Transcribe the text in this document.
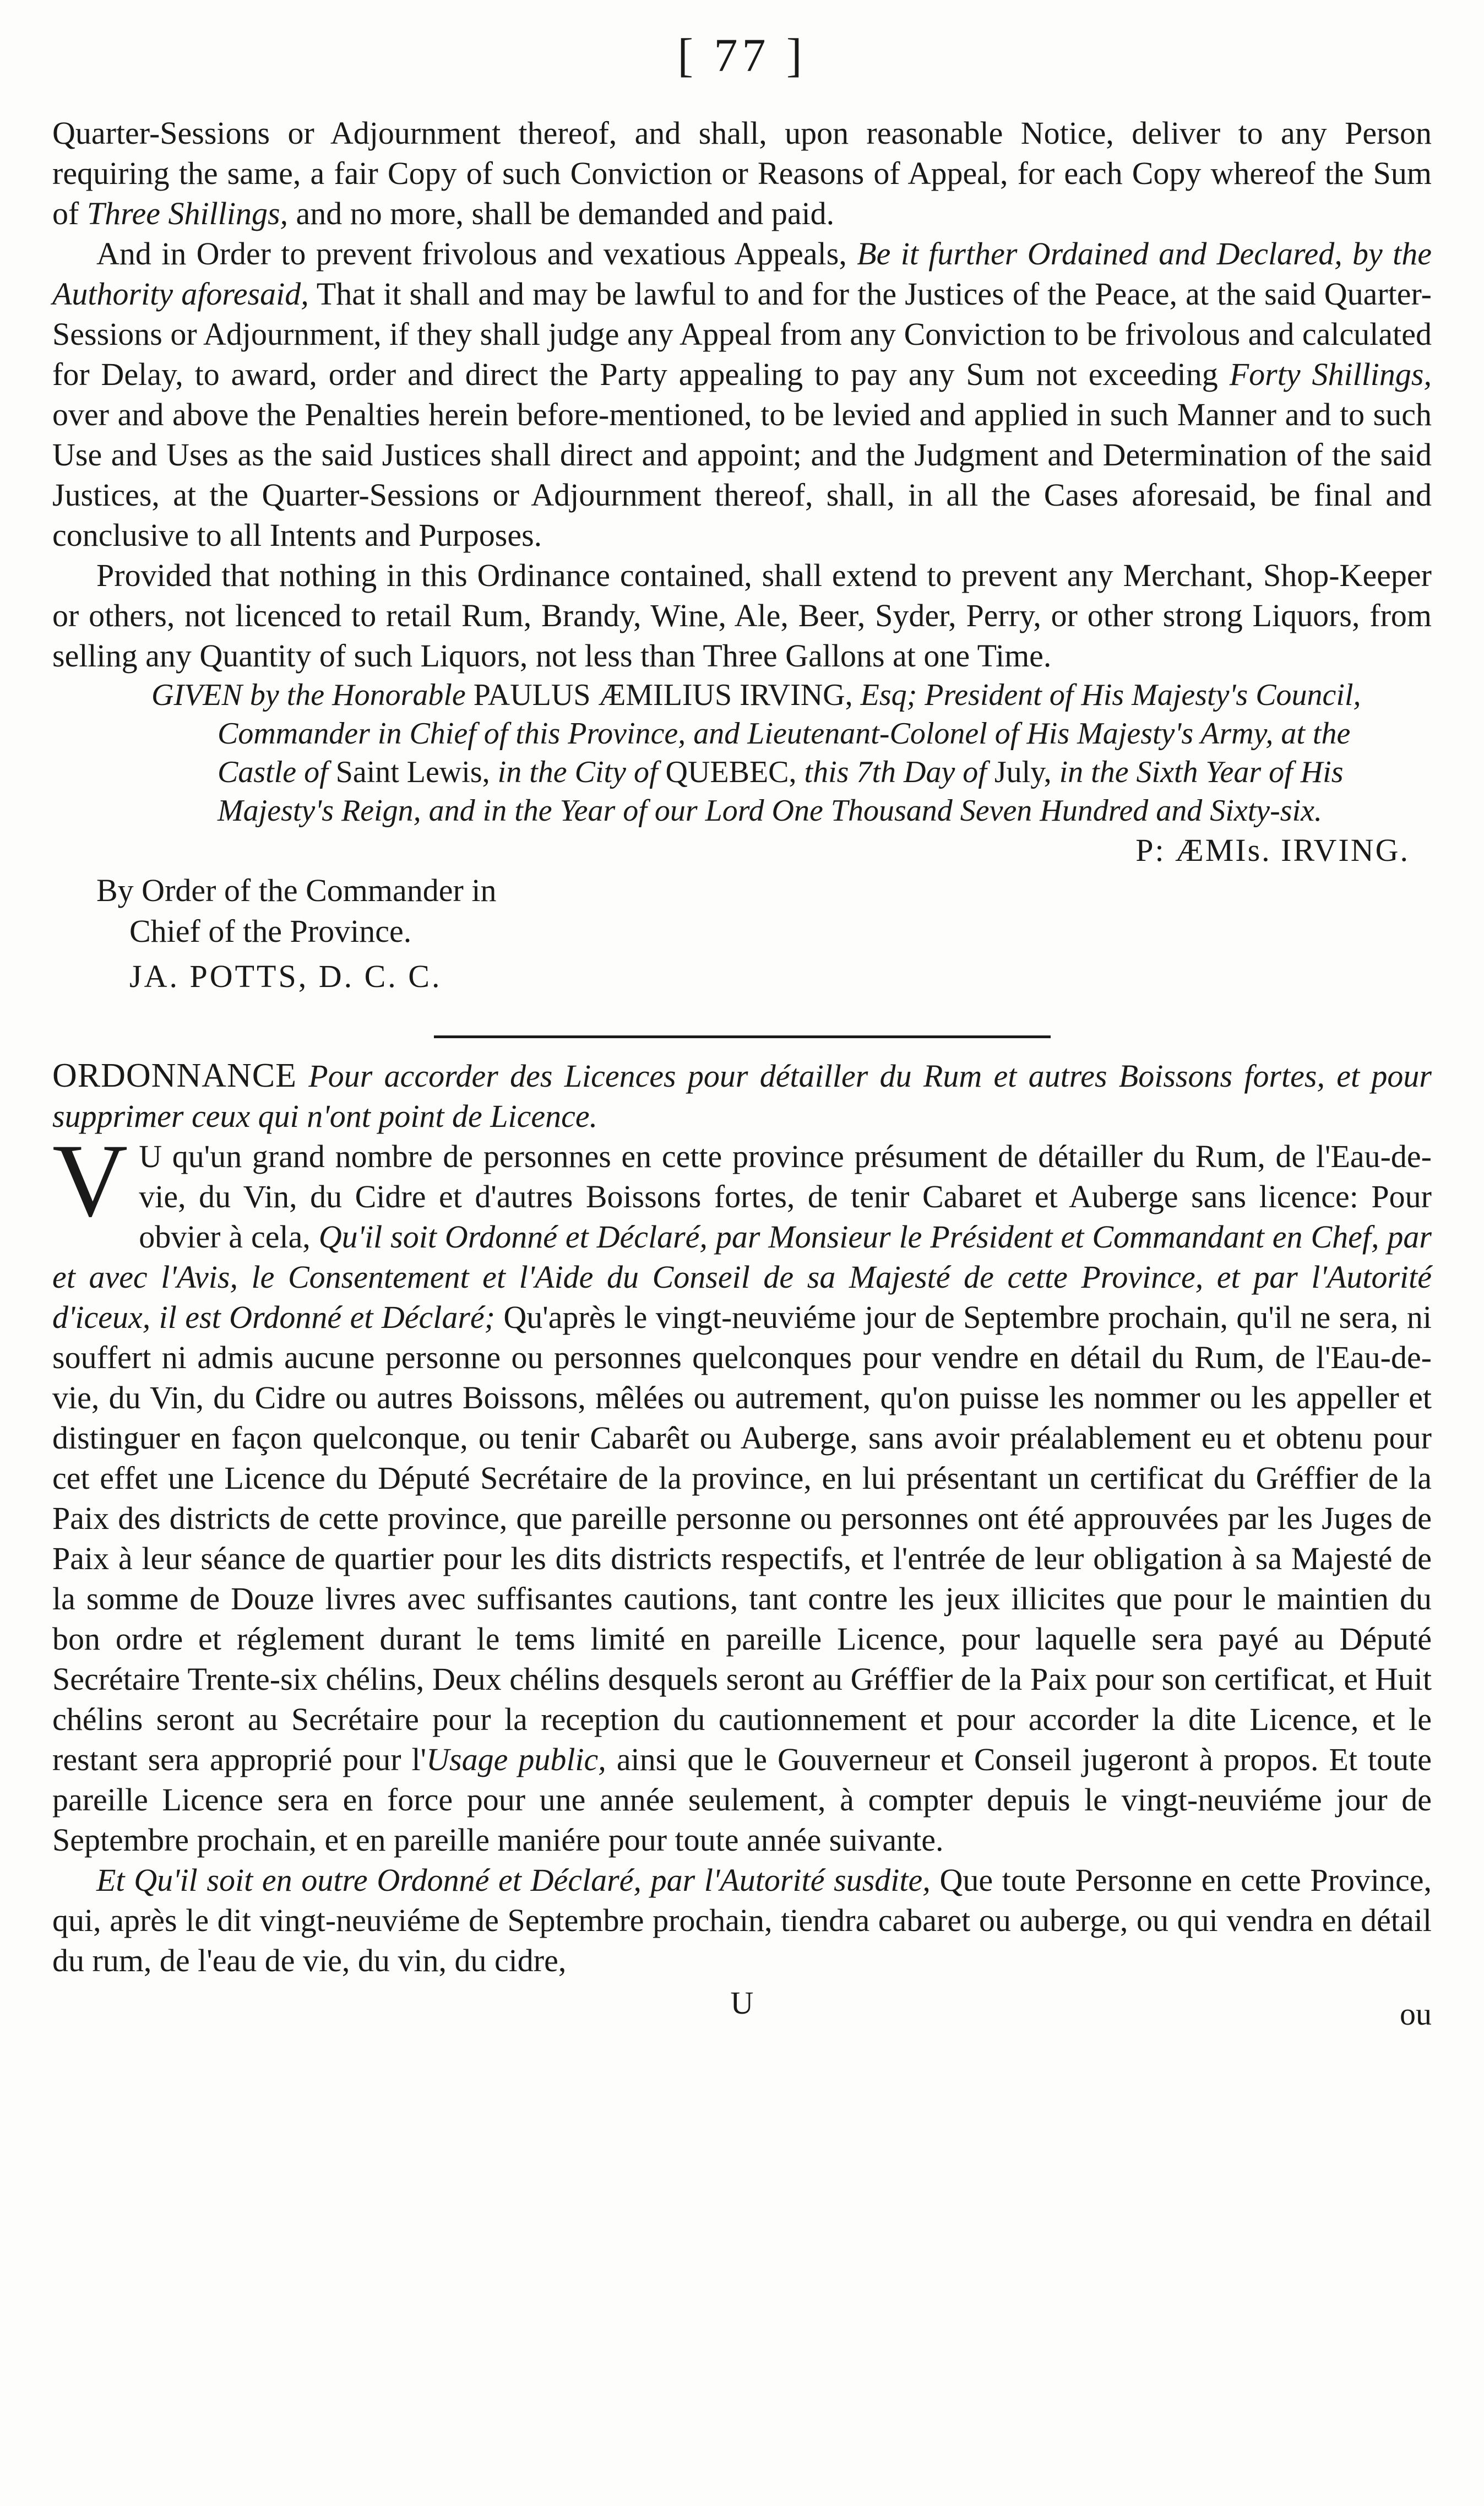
[ 77 ]

Quarter-Sessions or Adjournment thereof, and shall, upon reasonable Notice, deliver to any Person requiring the same, a fair Copy of such Conviction or Reasons of Appeal, for each Copy whereof the Sum of Three Shillings, and no more, shall be demanded and paid.

And in Order to prevent frivolous and vexatious Appeals, Be it further Ordained and Declared, by the Authority aforesaid, That it shall and may be lawful to and for the Justices of the Peace, at the said Quarter-Sessions or Adjournment, if they shall judge any Appeal from any Conviction to be frivolous and calculated for Delay, to award, order and direct the Party appealing to pay any Sum not exceeding Forty Shillings, over and above the Penalties herein before-mentioned, to be levied and applied in such Manner and to such Use and Uses as the said Justices shall direct and appoint; and the Judgment and Determination of the said Justices, at the Quarter-Sessions or Adjournment thereof, shall, in all the Cases aforesaid, be final and conclusive to all Intents and Purposes.

Provided that nothing in this Ordinance contained, shall extend to prevent any Merchant, Shop-Keeper or others, not licenced to retail Rum, Brandy, Wine, Ale, Beer, Syder, Perry, or other strong Liquors, from selling any Quantity of such Liquors, not less than Three Gallons at one Time.

GIVEN by the Honorable PAULUS ÆMILIUS IRVING, Esq; President of His Majesty's Council, Commander in Chief of this Province, and Lieutenant-Colonel of His Majesty's Army, at the Castle of Saint Lewis, in the City of QUEBEC, this 7th Day of July, in the Sixth Year of His Majesty's Reign, and in the Year of our Lord One Thousand Seven Hundred and Sixty-six.

P: ÆMIs. IRVING.

By Order of the Commander in
Chief of the Province.
JA. POTTS, D. C. C.

ORDONNANCE Pour accorder des Licences pour détailler du Rum et autres Boissons fortes, et pour supprimer ceux qui n'ont point de Licence.

V U qu'un grand nombre de personnes en cette province présument de détailler du Rum, de l'Eau-de-vie, du Vin, du Cidre et d'autres Boissons fortes, de tenir Cabaret et Auberge sans licence: Pour obvier à cela, Qu'il soit Ordonné et Déclaré, par Monsieur le Président et Commandant en Chef, par et avec l'Avis, le Consentement et l'Aide du Conseil de sa Majesté de cette Province, et par l'Autorité d'iceux, il est Ordonné et Déclaré; Qu'après le vingt-neuviéme jour de Septembre prochain, qu'il ne sera, ni souffert ni admis aucune personne ou personnes quelconques pour vendre en détail du Rum, de l'Eau-de-vie, du Vin, du Cidre ou autres Boissons, mêlées ou autrement, qu'on puisse les nommer ou les appeller et distinguer en façon quelconque, ou tenir Cabarêt ou Auberge, sans avoir préalablement eu et obtenu pour cet effet une Licence du Député Secrétaire de la province, en lui présentant un certificat du Gréffier de la Paix des districts de cette province, que pareille personne ou personnes ont été approuvées par les Juges de Paix à leur séance de quartier pour les dits districts respectifs, et l'entrée de leur obligation à sa Majesté de la somme de Douze livres avec suffisantes cautions, tant contre les jeux illicites que pour le maintien du bon ordre et réglement durant le tems limité en pareille Licence, pour laquelle sera payé au Député Secrétaire Trente-six chélins, Deux chélins desquels seront au Gréffier de la Paix pour son certificat, et Huit chélins seront au Secrétaire pour la reception du cautionnement et pour accorder la dite Licence, et le restant sera approprié pour l'Usage public, ainsi que le Gouverneur et Conseil jugeront à propos. Et toute pareille Licence sera en force pour une année seulement, à compter depuis le vingt-neuviéme jour de Septembre prochain, et en pareille maniére pour toute année suivante.

Et Qu'il soit en outre Ordonné et Déclaré, par l'Autorité susdite, Que toute Personne en cette Province, qui, après le dit vingt-neuviéme de Septembre prochain, tiendra cabaret ou auberge, ou qui vendra en détail du rum, de l'eau de vie, du vin, du cidre,

U	ou
